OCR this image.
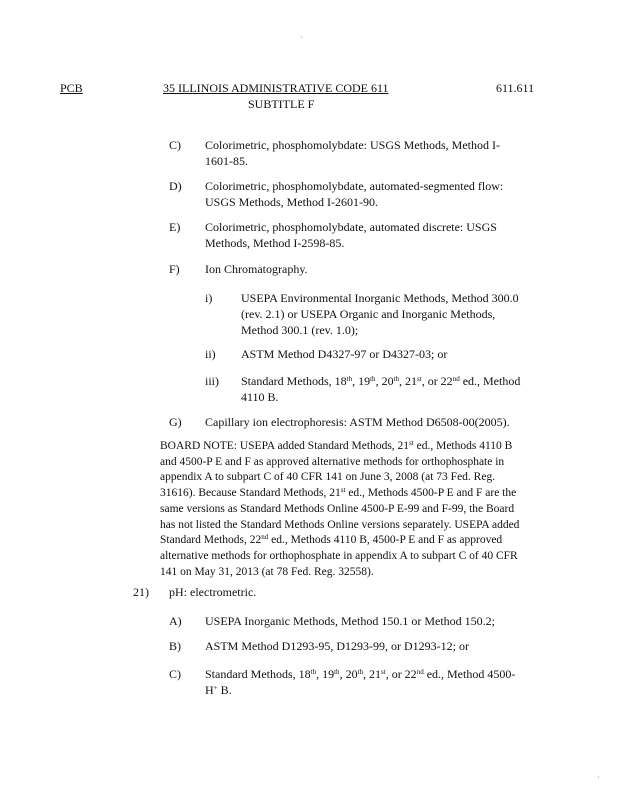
PCB	35 ILLINOIS ADMINISTRATIVE CODE 611
SUBTITLE F
611.611
C) Colorimetric, phosphomolybdate: USGS Methods, Method I-
1601-85.
D) Colorimetric, phosphomolybdate, automated-segmented flow:
USGS Methods, Method I-2601-90.
E) Colorimetric, phosphomolybdate, automated discrete: USGS
Methods, Method I-2598-85.
F) Ion Chromatography.
i) USEPA Environmental Inorganic Methods, Method 300.0
(rev. 2.1) or USEPA Organic and Inorganic Methods,
Method 300.1 (rev. 1.0);
ii) ASTM Method D4327-97 or D4327-03; or
iii) Standard Methods, 18th, 19th, 20th, 21st, or 22nd ed., Method
4110 B.
G) Capillary ion electrophoresis: ASTM Method D6508-00(2005).
BOARD NOTE: USEPA added Standard Methods, 21st ed., Methods 4110 B and 4500-P E and F as approved alternative methods for orthophosphate in appendix A to subpart C of 40 CFR 141 on June 3, 2008 (at 73 Fed. Reg. 31616). Because Standard Methods, 21st ed., Methods 4500-P E and F are the same versions as Standard Methods Online 4500-P E-99 and F-99, the Board has not listed the Standard Methods Online versions separately. USEPA added Standard Methods, 22nd ed., Methods 4110 B, 4500-P E and F as approved alternative methods for orthophosphate in appendix A to subpart C of 40 CFR 141 on May 31, 2013 (at 78 Fed. Reg. 32558).
21) pH: electrometric.
A) USEPA Inorganic Methods, Method 150.1 or Method 150.2;
B) ASTM Method D1293-95, D1293-99, or D1293-12; or
C) Standard Methods, 18th, 19th, 20th, 21st, or 22nd ed., Method 4500-
H+ B.
·
·
